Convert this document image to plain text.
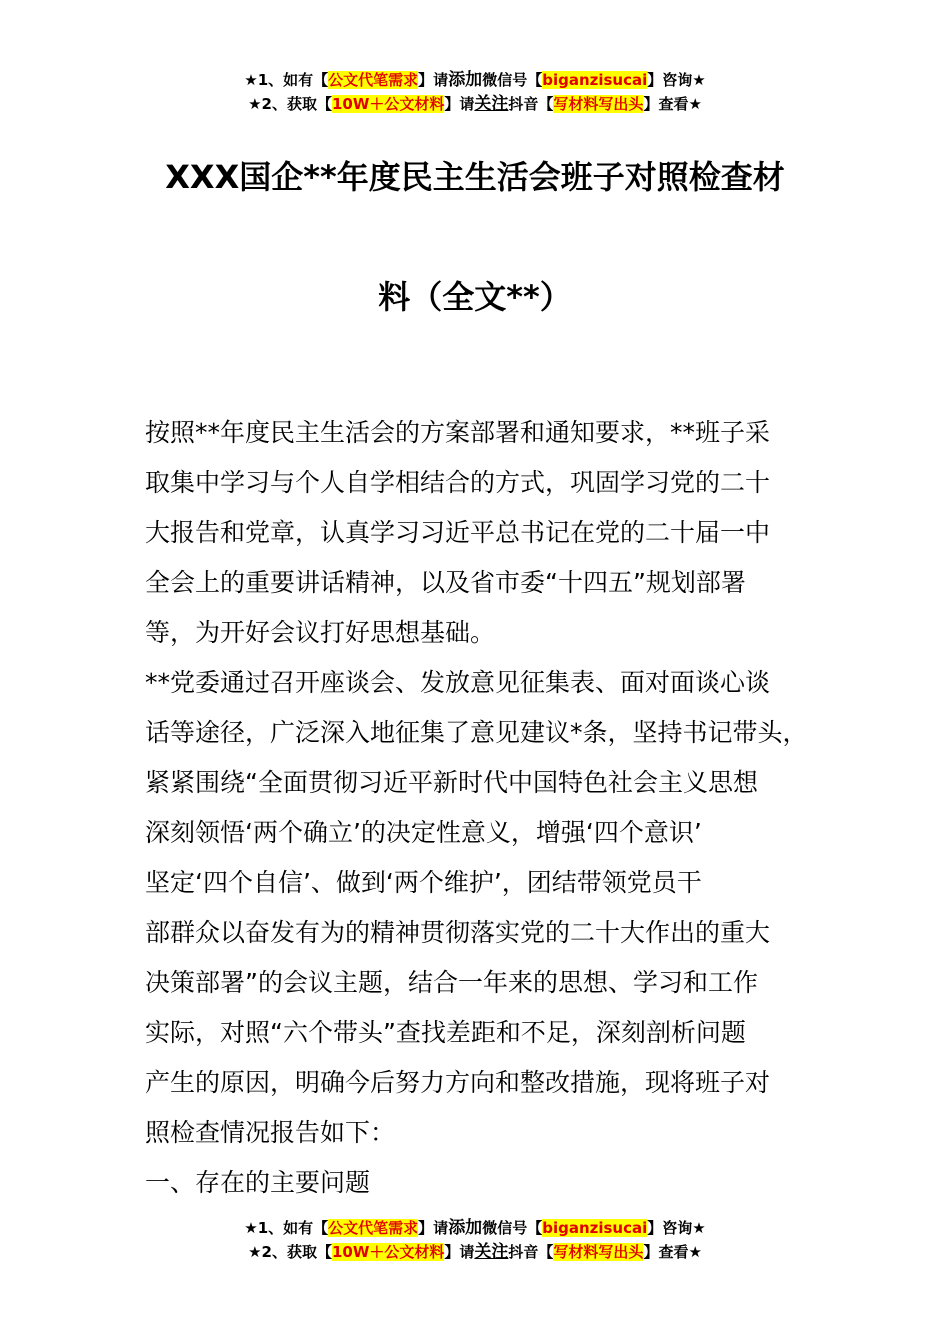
★1、如有【公文代笔需求】请添加微信号【biganzisucai】咨询★
★2、获取【10W＋公文材料】请关注抖音【写材料写出头】查看★
XXX国企**年度民主生活会班子对照检查材
料（全文**）
按照**年度民主生活会的方案部署和通知要求，**班子采
取集中学习与个人自学相结合的方式，巩固学习党的二十
大报告和党章，认真学习习近平总书记在党的二十届一中
全会上的重要讲话精神，以及省市委“十四五”规划部署
等，为开好会议打好思想基础。
**党委通过召开座谈会、发放意见征集表、面对面谈心谈
话等途径，广泛深入地征集了意见建议*条，坚持书记带头，
紧紧围绕“全面贯彻习近平新时代中国特色社会主义思想
深刻领悟‘两个确立’的决定性意义，增强‘四个意识’
坚定‘四个自信’、做到‘两个维护’，团结带领党员干
部群众以奋发有为的精神贯彻落实党的二十大作出的重大
决策部署”的会议主题，结合一年来的思想、学习和工作
实际，对照“六个带头”查找差距和不足，深刻剖析问题
产生的原因，明确今后努力方向和整改措施，现将班子对
照检查情况报告如下：
一、存在的主要问题
★1、如有【公文代笔需求】请添加微信号【biganzisucai】咨询★
★2、获取【10W＋公文材料】请关注抖音【写材料写出头】查看★
